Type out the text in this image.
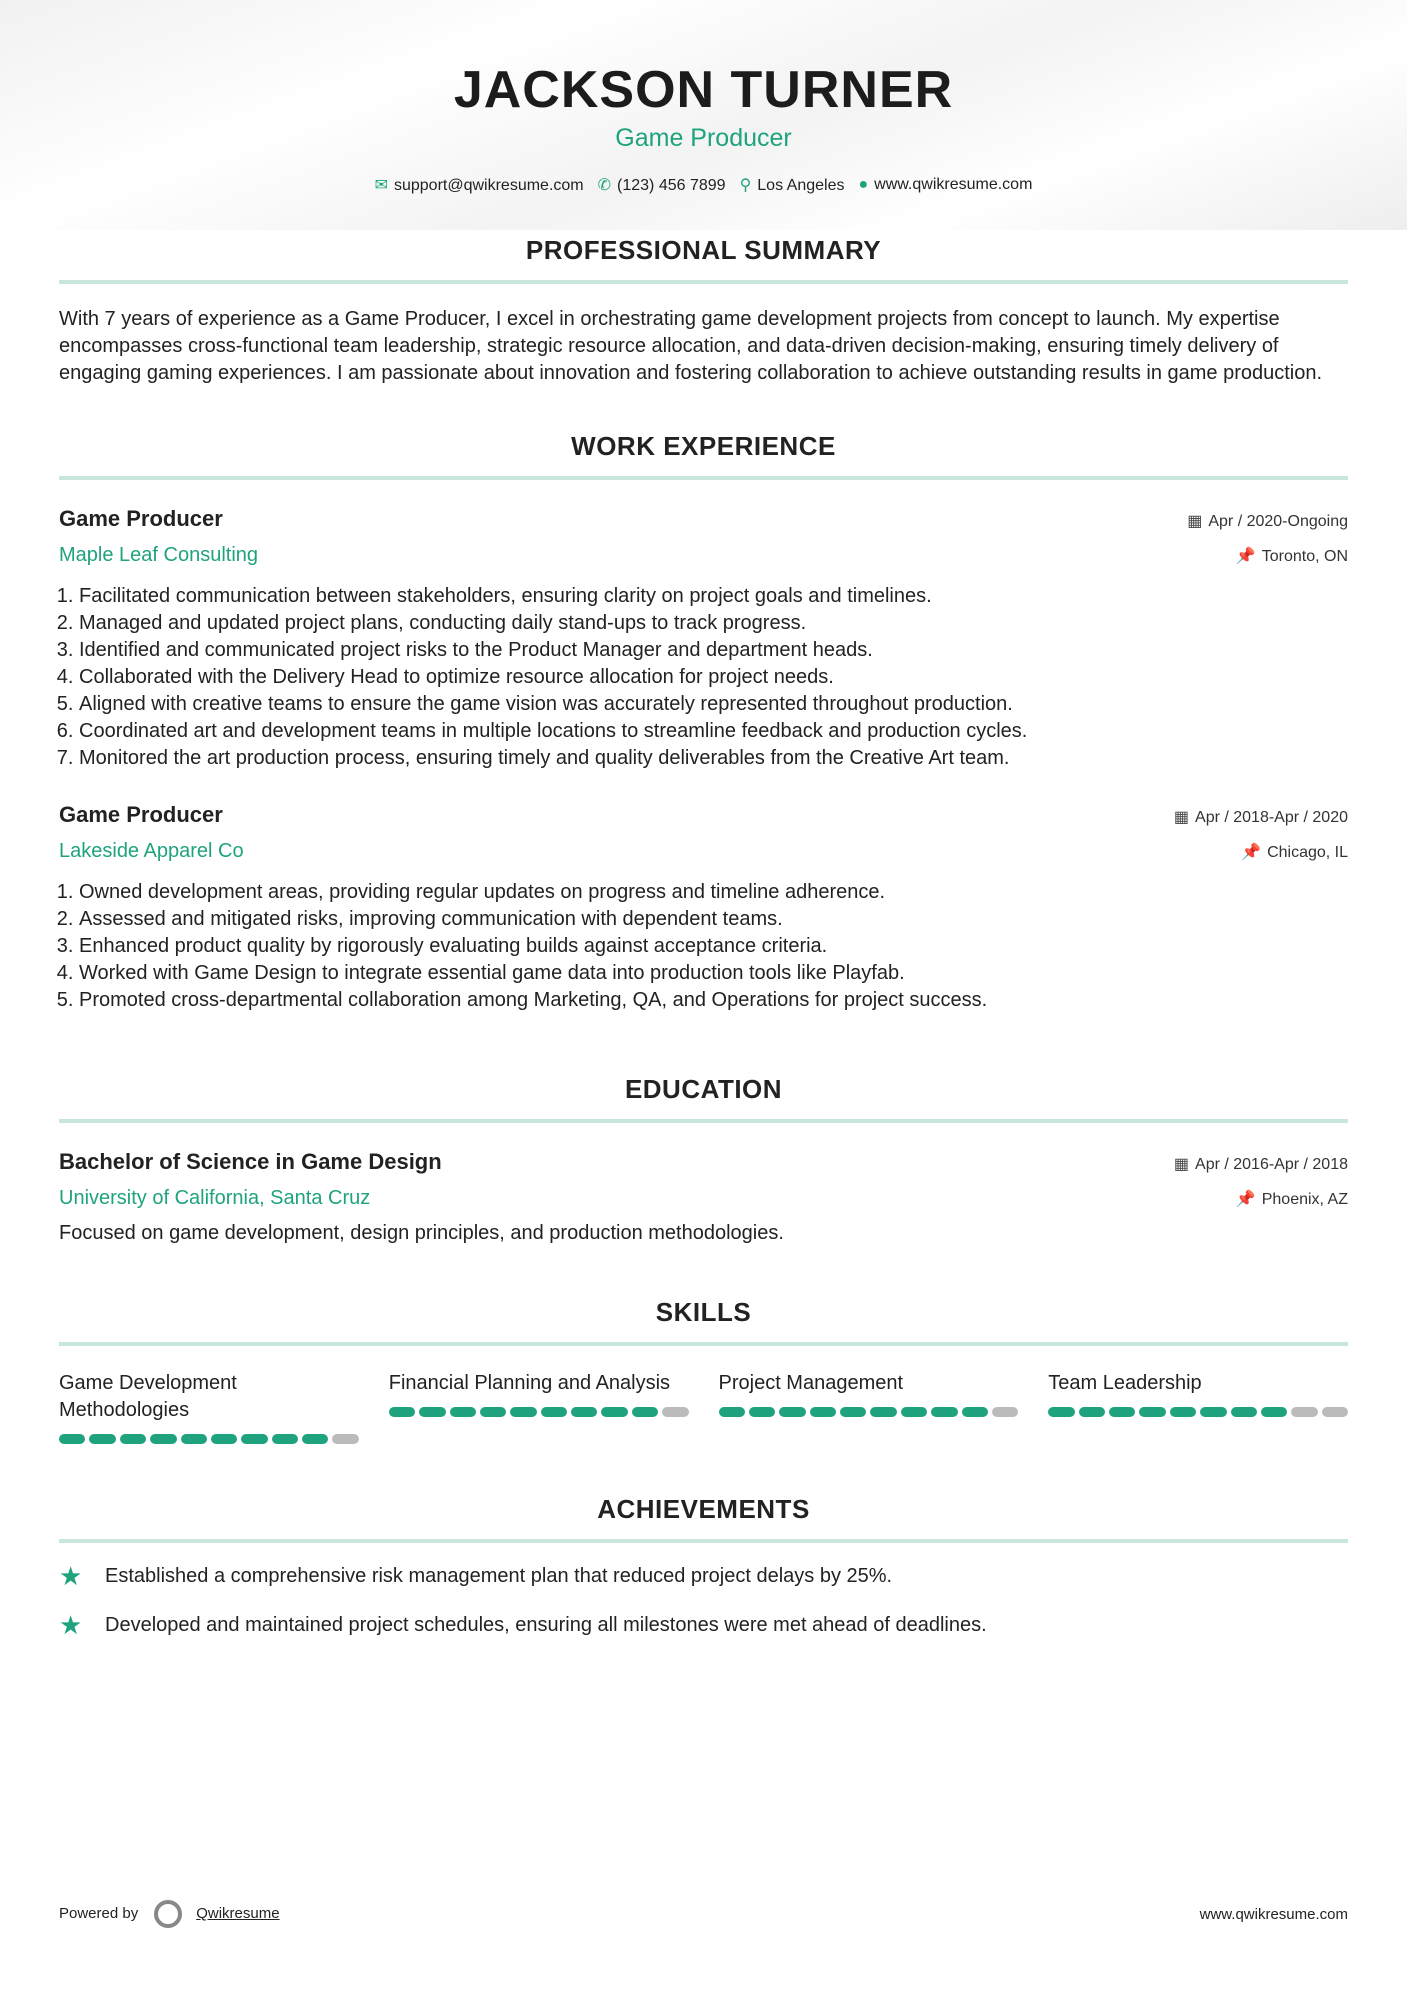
JACKSON TURNER
Game Producer
✉ support@qwikresume.com ✆ (123) 456 7899 ⚲ Los Angeles ● www.qwikresume.com
PROFESSIONAL SUMMARY

With 7 years of experience as a Game Producer, I excel in orchestrating game development projects from concept to launch. My expertise encompasses cross-functional team leadership, strategic resource allocation, and data-driven decision-making, ensuring timely delivery of engaging gaming experiences. I am passionate about innovation and fostering collaboration to achieve outstanding results in game production.

WORK EXPERIENCE
Game Producer	▦ Apr / 2020-Ongoing
Maple Leaf Consulting	📌 Toronto, ON
1. Facilitated communication between stakeholders, ensuring clarity on project goals and timelines.
2. Managed and updated project plans, conducting daily stand-ups to track progress.
3. Identified and communicated project risks to the Product Manager and department heads.
4. Collaborated with the Delivery Head to optimize resource allocation for project needs.
5. Aligned with creative teams to ensure the game vision was accurately represented throughout production.
6. Coordinated art and development teams in multiple locations to streamline feedback and production cycles.
7. Monitored the art production process, ensuring timely and quality deliverables from the Creative Art team.
Game Producer	▦ Apr / 2018-Apr / 2020
Lakeside Apparel Co	📌 Chicago, IL
1. Owned development areas, providing regular updates on progress and timeline adherence.
2. Assessed and mitigated risks, improving communication with dependent teams.
3. Enhanced product quality by rigorously evaluating builds against acceptance criteria.
4. Worked with Game Design to integrate essential game data into production tools like Playfab.
5. Promoted cross-departmental collaboration among Marketing, QA, and Operations for project success.
EDUCATION
Bachelor of Science in Game Design	▦ Apr / 2016-Apr / 2018
University of California, Santa Cruz	📌 Phoenix, AZ

Focused on game development, design principles, and production methodologies.

SKILLS
Game Development Methodologies
Financial Planning and Analysis	Project Management	Team Leadership
ACHIEVEMENTS
★	Established a comprehensive risk management plan that reduced project delays by 25%.
★	Developed and maintained project schedules, ensuring all milestones were met ahead of deadlines.
Powered by	Qwikresume	www.qwikresume.com
